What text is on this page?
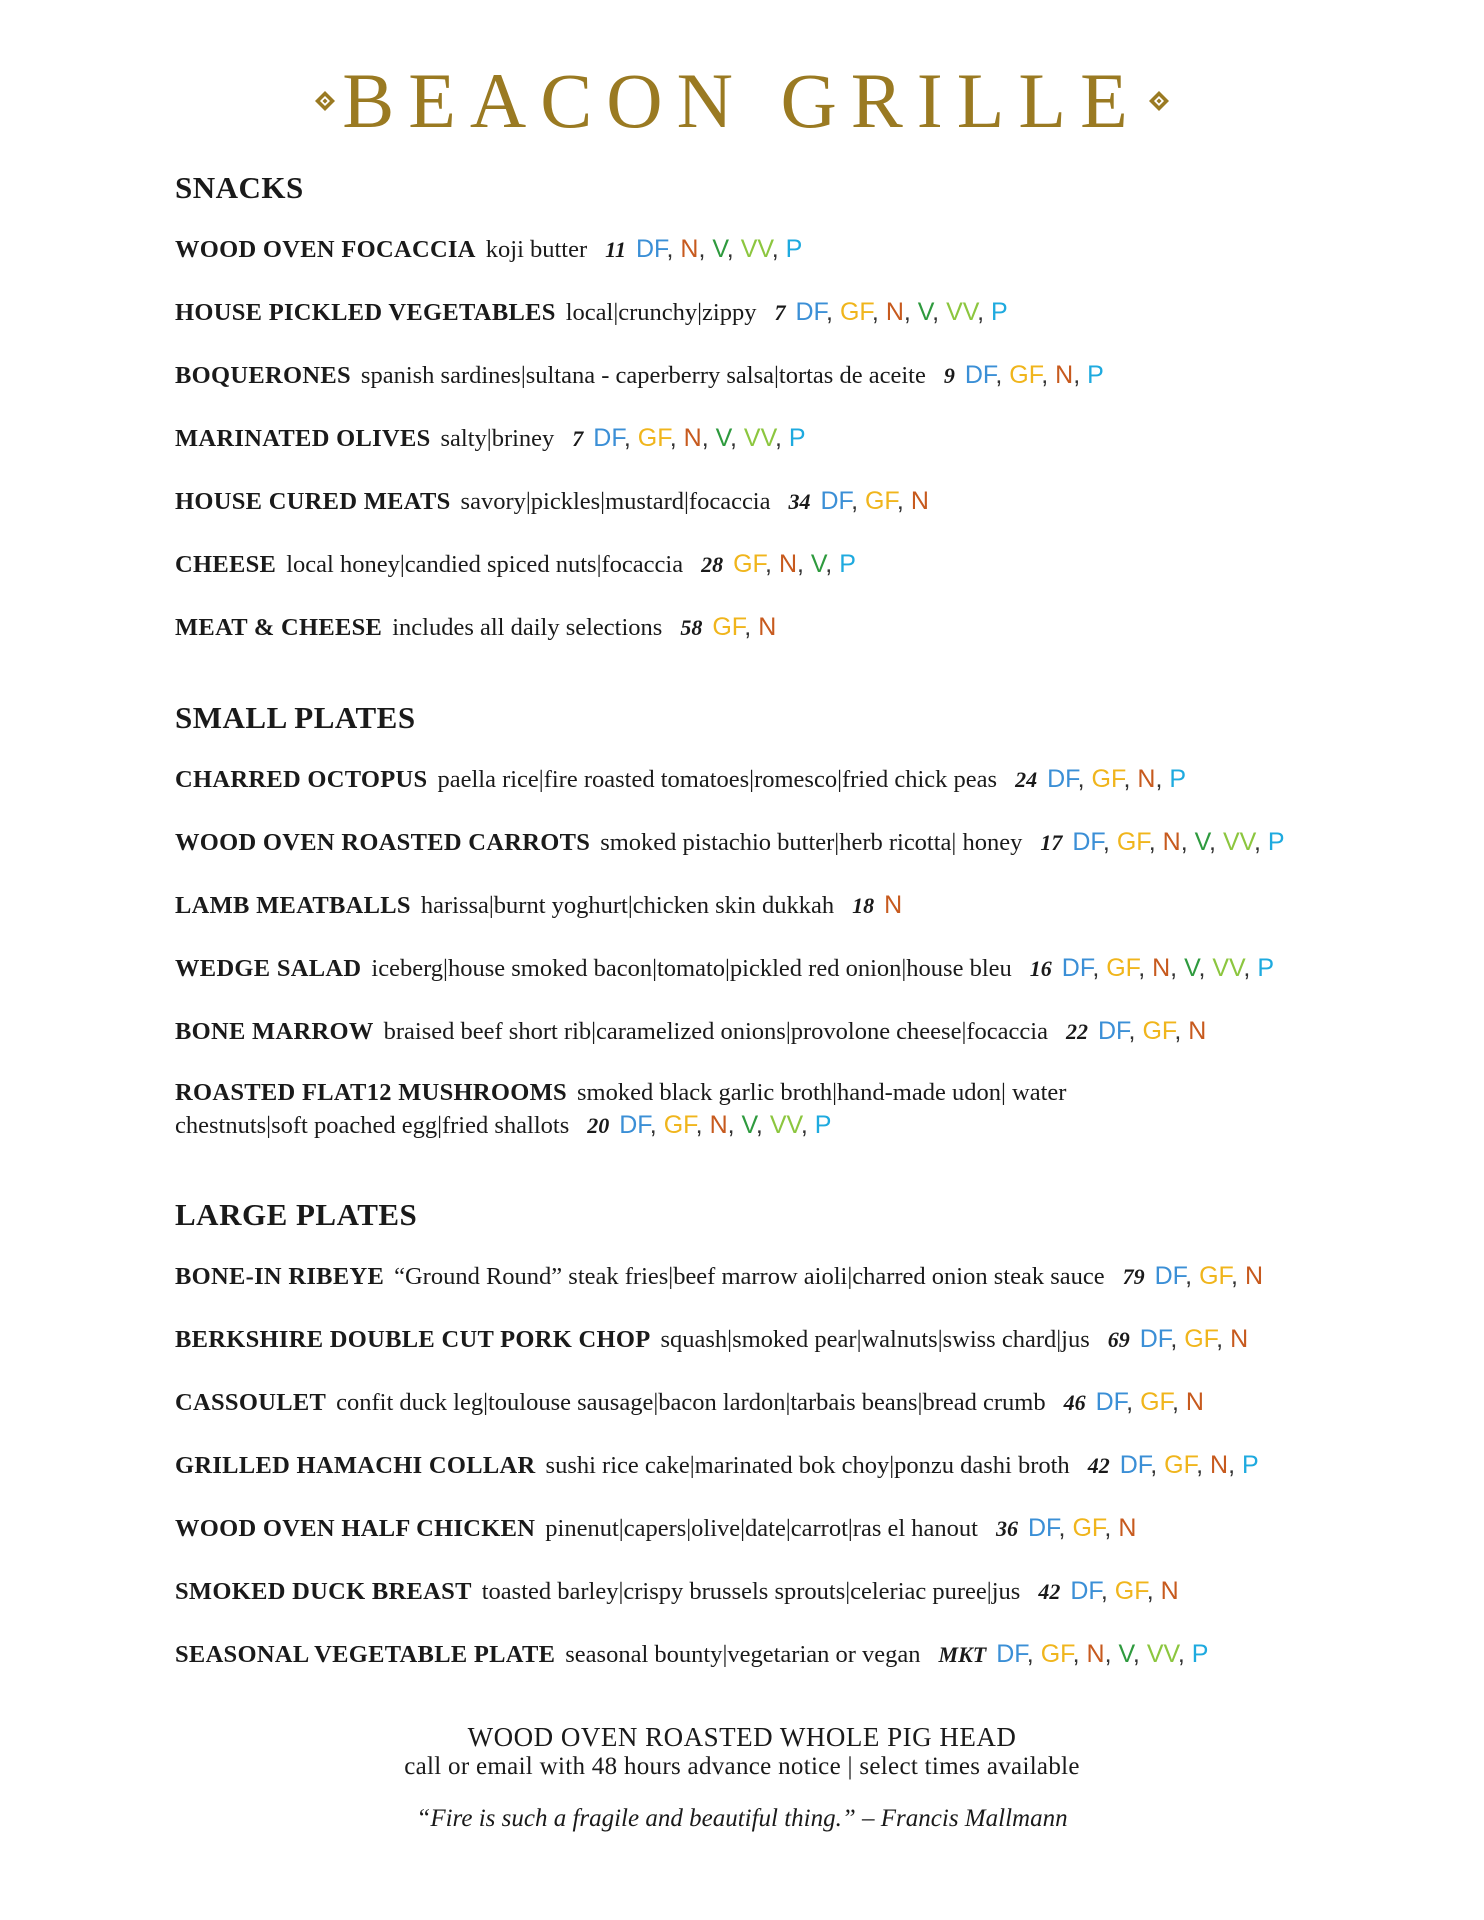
BEACON GRILLE
SNACKS
WOOD OVEN FOCACCIA koji butter 11 DF, N, V, VV, P
HOUSE PICKLED VEGETABLES local|crunchy|zippy 7 DF, GF, N, V, VV, P
BOQUERONES spanish sardines|sultana - caperberry salsa|tortas de aceite 9 DF, GF, N, P
MARINATED OLIVES salty|briney 7 DF, GF, N, V, VV, P
HOUSE CURED MEATS savory|pickles|mustard|focaccia 34 DF, GF, N
CHEESE local honey|candied spiced nuts|focaccia 28 GF, N, V, P
MEAT & CHEESE includes all daily selections 58 GF, N
SMALL PLATES
CHARRED OCTOPUS paella rice|fire roasted tomatoes|romesco|fried chick peas 24 DF, GF, N, P
WOOD OVEN ROASTED CARROTS smoked pistachio butter|herb ricotta| honey 17 DF, GF, N, V, VV, P
LAMB MEATBALLS harissa|burnt yoghurt|chicken skin dukkah 18 N
WEDGE SALAD iceberg|house smoked bacon|tomato|pickled red onion|house bleu 16 DF, GF, N, V, VV, P
BONE MARROW braised beef short rib|caramelized onions|provolone cheese|focaccia 22 DF, GF, N
ROASTED FLAT12 MUSHROOMS smoked black garlic broth|hand-made udon| water chestnuts|soft poached egg|fried shallots 20 DF, GF, N, V, VV, P
LARGE PLATES
BONE-IN RIBEYE “Ground Round” steak fries|beef marrow aioli|charred onion steak sauce 79 DF, GF, N
BERKSHIRE DOUBLE CUT PORK CHOP squash|smoked pear|walnuts|swiss chard|jus 69 DF, GF, N
CASSOULET confit duck leg|toulouse sausage|bacon lardon|tarbais beans|bread crumb 46 DF, GF, N
GRILLED HAMACHI COLLAR sushi rice cake|marinated bok choy|ponzu dashi broth 42 DF, GF, N, P
WOOD OVEN HALF CHICKEN pinenut|capers|olive|date|carrot|ras el hanout 36 DF, GF, N
SMOKED DUCK BREAST toasted barley|crispy brussels sprouts|celeriac puree|jus 42 DF, GF, N
SEASONAL VEGETABLE PLATE seasonal bounty|vegetarian or vegan MKT DF, GF, N, V, VV, P
WOOD OVEN ROASTED WHOLE PIG HEAD
call or email with 48 hours advance notice | select times available
“Fire is such a fragile and beautiful thing.” – Francis Mallmann
